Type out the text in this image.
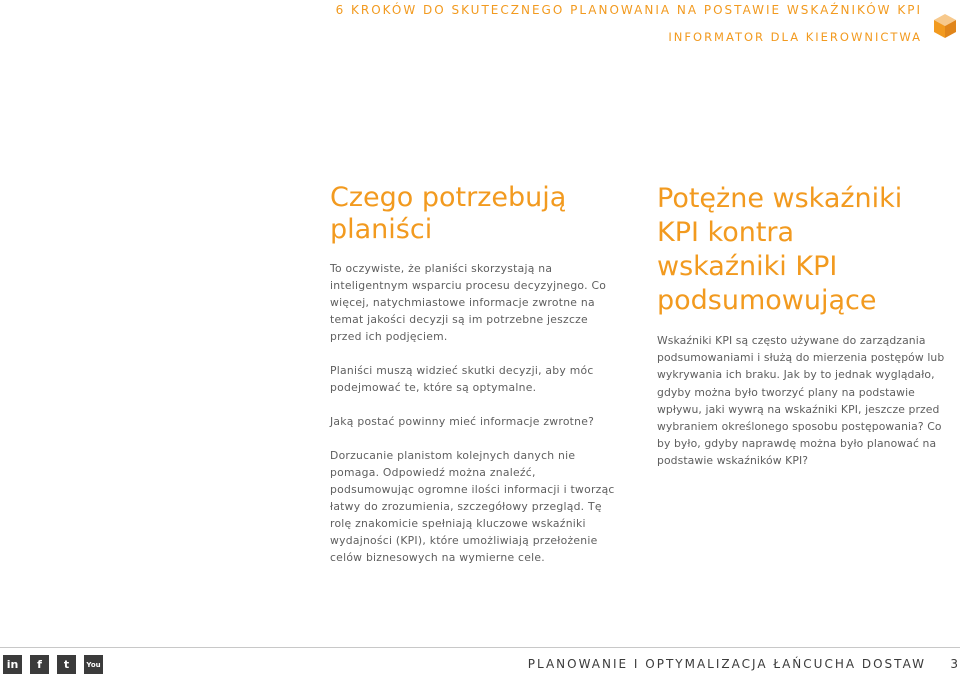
6 KROKÓW DO SKUTECZNEGO PLANOWANIA NA POSTAWIE WSKAŹNIKÓW KPI
INFORMATOR DLA KIEROWNICTWA
Czego potrzebują
planiści

To oczywiste, że planiści skorzystają na inteligentnym wsparciu procesu decyzyjnego. Co więcej, natychmiastowe informacje zwrotne na temat jakości decyzji są im potrzebne jeszcze przed ich podjęciem.

Planiści muszą widzieć skutki decyzji, aby móc podejmować te, które są optymalne.

Jaką postać powinny mieć informacje zwrotne?

Dorzucanie planistom kolejnych danych nie pomaga. Odpowiedź można znaleźć, podsumowując ogromne ilości informacji i tworząc łatwy do zrozumienia, szczegółowy przegląd. Tę rolę znakomicie spełniają kluczowe wskaźniki wydajności (KPI), które umożliwiają przełożenie celów biznesowych na wymierne cele.

Potężne wskaźniki
KPI kontra
wskaźniki KPI
podsumowujące

Wskaźniki KPI są często używane do zarządzania podsumowaniami i służą do mierzenia postępów lub wykrywania ich braku. Jak by to jednak wyglądało, gdyby można było tworzyć plany na podstawie wpływu, jaki wywrą na wskaźniki KPI, jeszcze przed wybraniem określonego sposobu postępowania? Co by było, gdyby naprawdę można było planować na podstawie wskaźników KPI?

in	f	t	You	PLANOWANIE I OPTYMALIZACJA ŁAŃCUCHA DOSTAW 3
